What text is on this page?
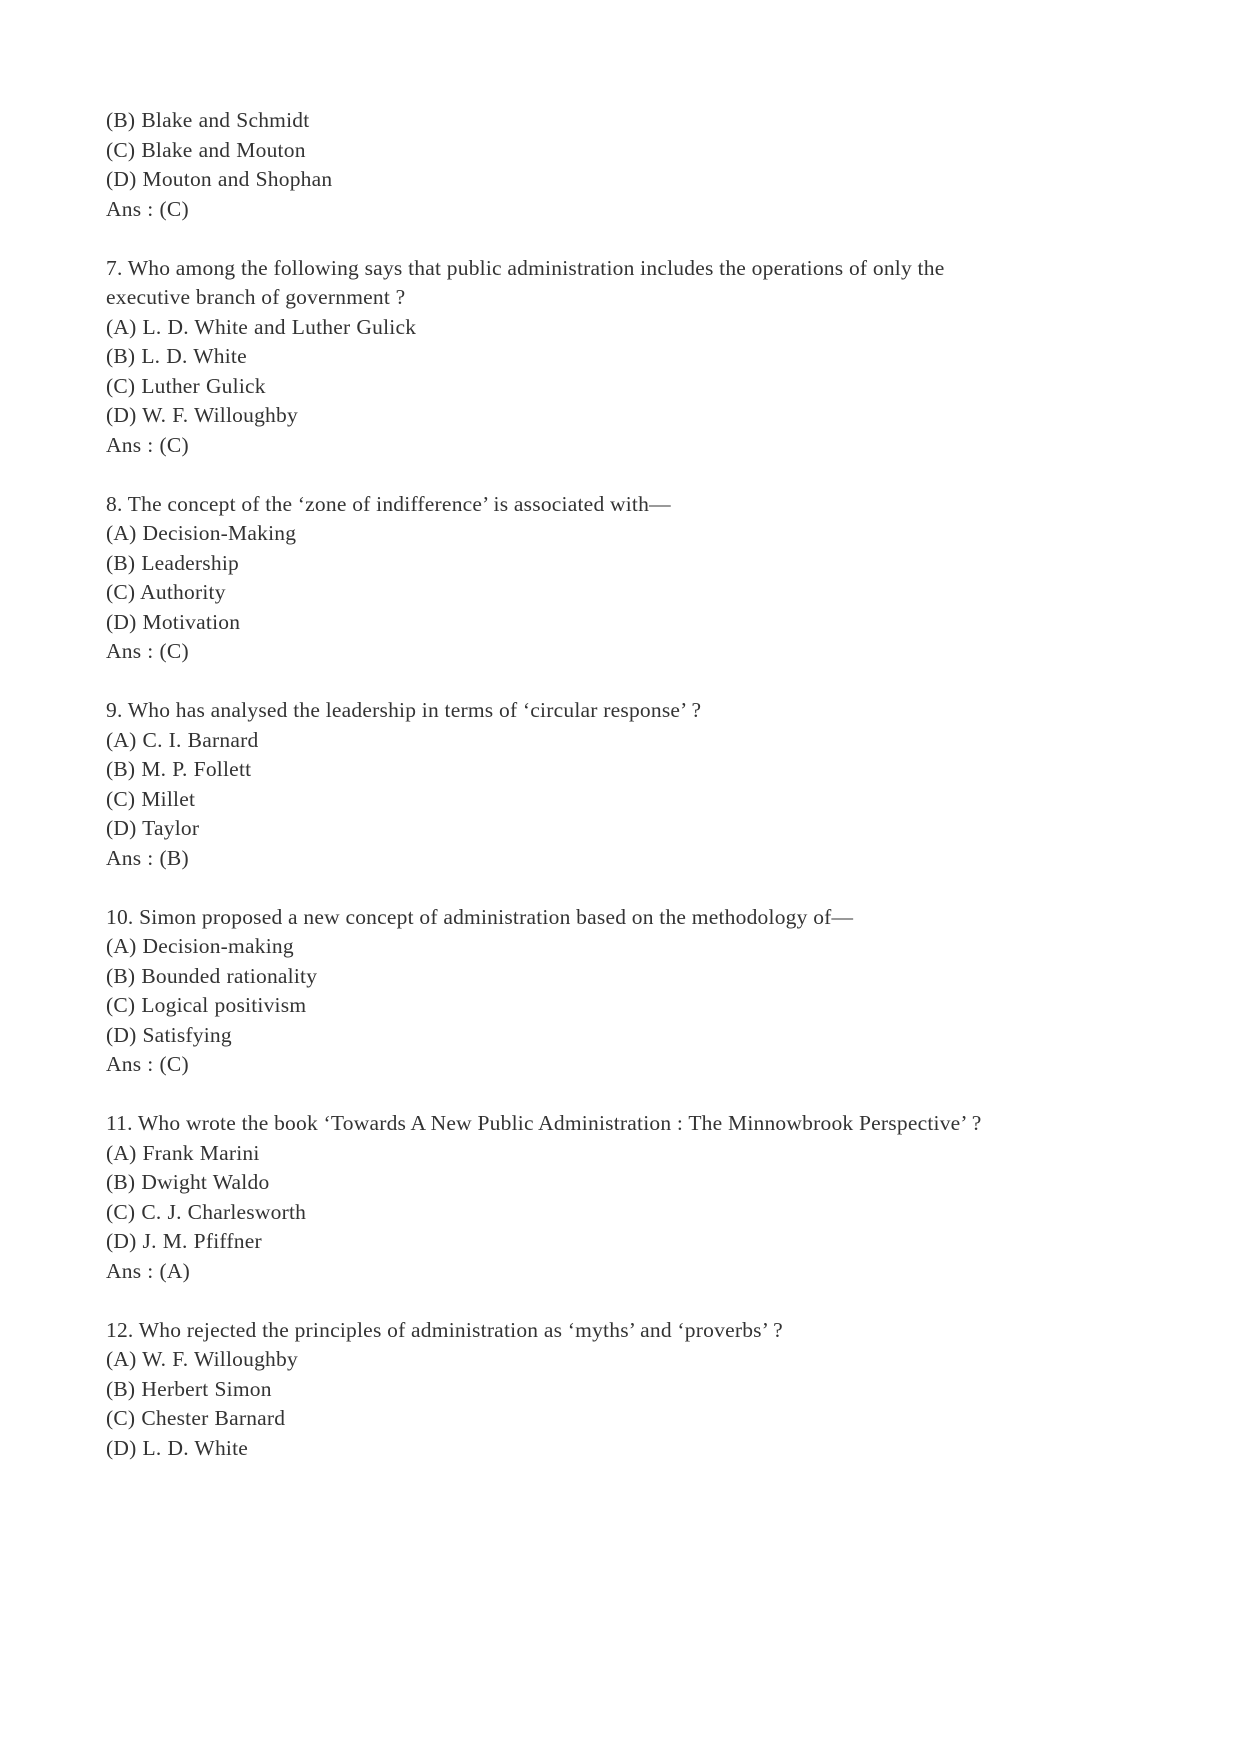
(B) Blake and Schmidt
(C) Blake and Mouton
(D) Mouton and Shophan
Ans : (C)
7. Who among the following says that public administration includes the operations of only the executive branch of government ?
(A) L. D. White and Luther Gulick
(B) L. D. White
(C) Luther Gulick
(D) W. F. Willoughby
Ans : (C)
8. The concept of the ‘zone of indifference’ is associated with—
(A) Decision-Making
(B) Leadership
(C) Authority
(D) Motivation
Ans : (C)
9. Who has analysed the leadership in terms of ‘circular response’ ?
(A) C. I. Barnard
(B) M. P. Follett
(C) Millet
(D) Taylor
Ans : (B)
10. Simon proposed a new concept of administration based on the methodology of—
(A) Decision-making
(B) Bounded rationality
(C) Logical positivism
(D) Satisfying
Ans : (C)
11. Who wrote the book ‘Towards A New Public Administration : The Minnowbrook Perspective’ ?
(A) Frank Marini
(B) Dwight Waldo
(C) C. J. Charlesworth
(D) J. M. Pfiffner
Ans : (A)
12. Who rejected the principles of administration as ‘myths’ and ‘proverbs’ ?
(A) W. F. Willoughby
(B) Herbert Simon
(C) Chester Barnard
(D) L. D. White
